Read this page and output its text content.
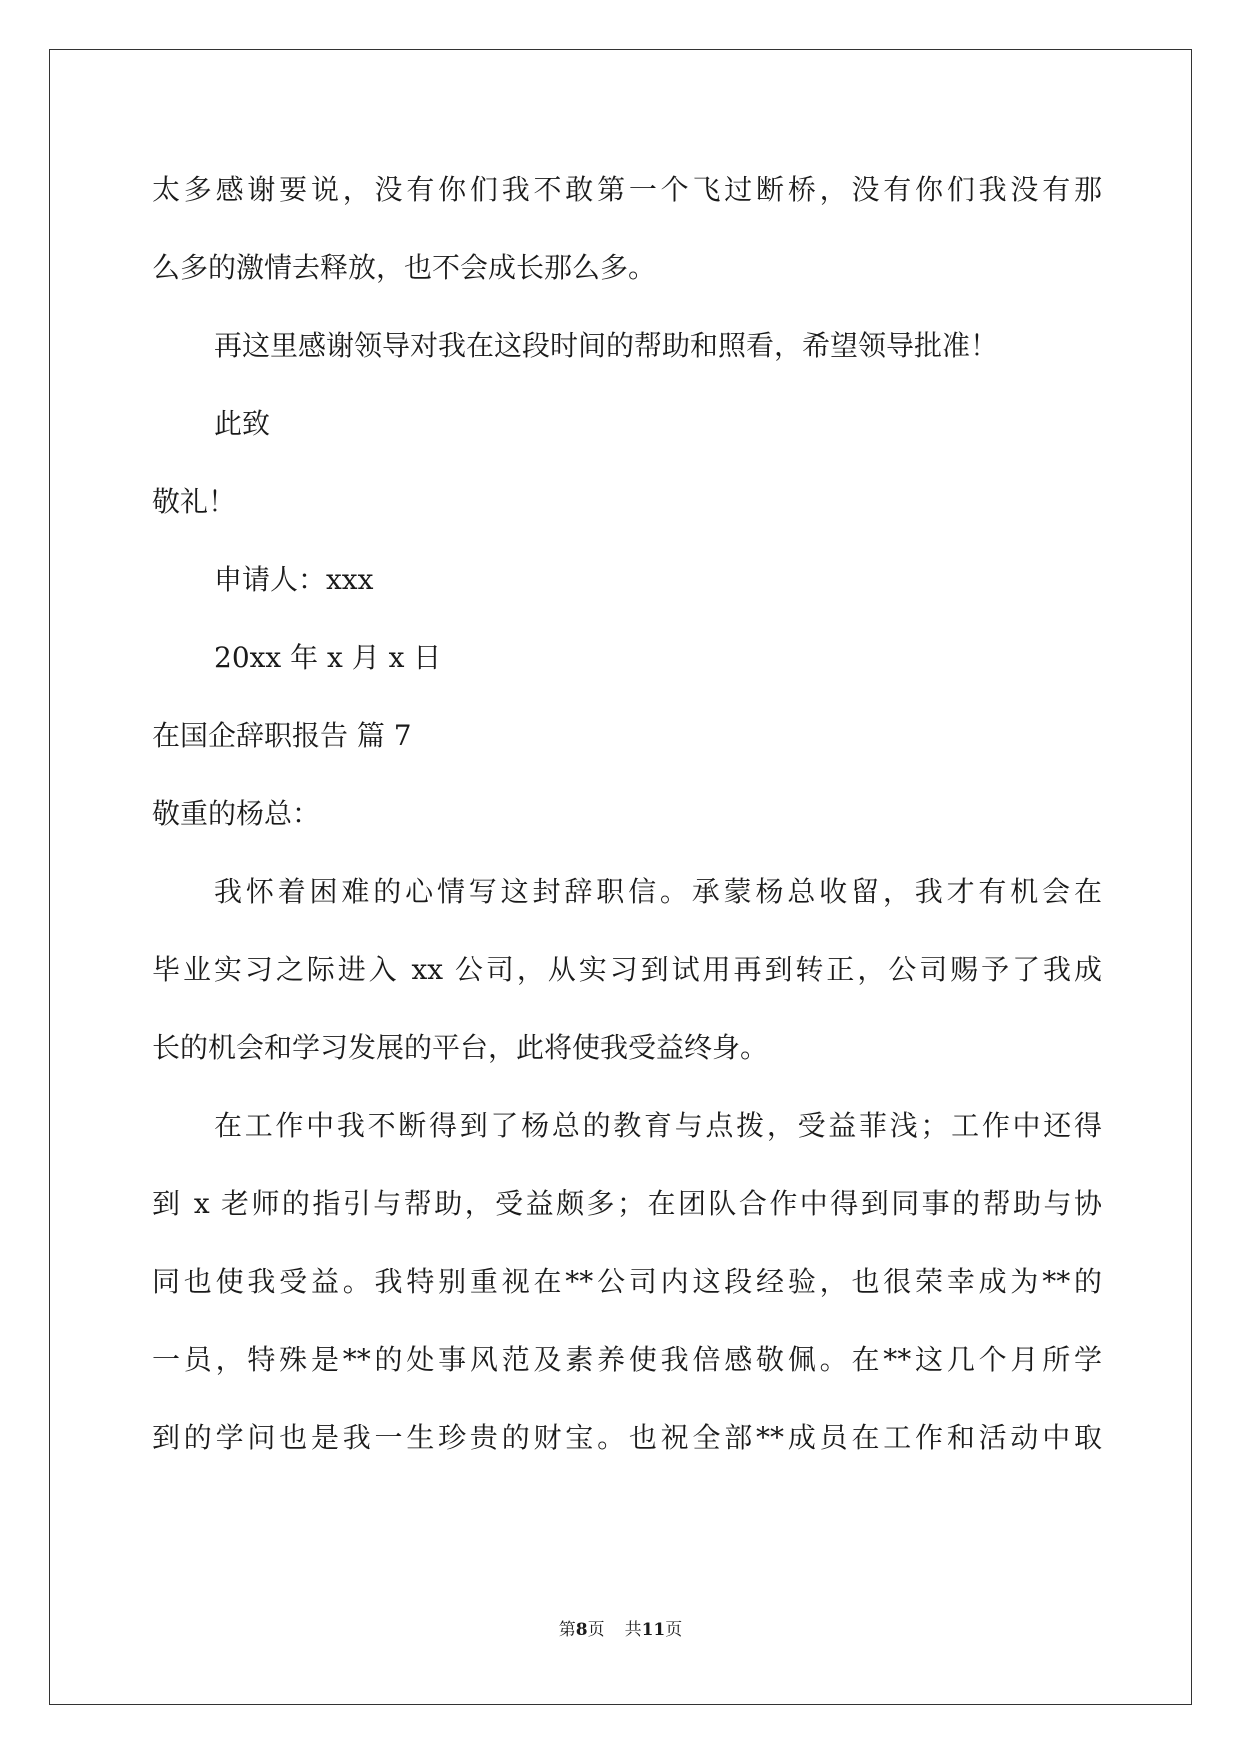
太多感谢要说，没有你们我不敢第一个飞过断桥，没有你们我没有那

么多的激情去释放，也不会成长那么多。

再这里感谢领导对我在这段时间的帮助和照看，希望领导批准！

此致

敬礼！

申请人：xxx

20xx 年 x 月 x 日

在国企辞职报告 篇 7

敬重的杨总：

我怀着困难的心情写这封辞职信。承蒙杨总收留，我才有机会在

毕业实习之际进入 xx 公司，从实习到试用再到转正，公司赐予了我成

长的机会和学习发展的平台，此将使我受益终身。

在工作中我不断得到了杨总的教育与点拨，受益菲浅；工作中还得

到 x 老师的指引与帮助，受益颇多；在团队合作中得到同事的帮助与协

同也使我受益。我特别重视在**公司内这段经验，也很荣幸成为**的

一员，特殊是**的处事风范及素养使我倍感敬佩。在**这几个月所学

到的学问也是我一生珍贵的财宝。也祝全部**成员在工作和活动中取

第8页 共11页
